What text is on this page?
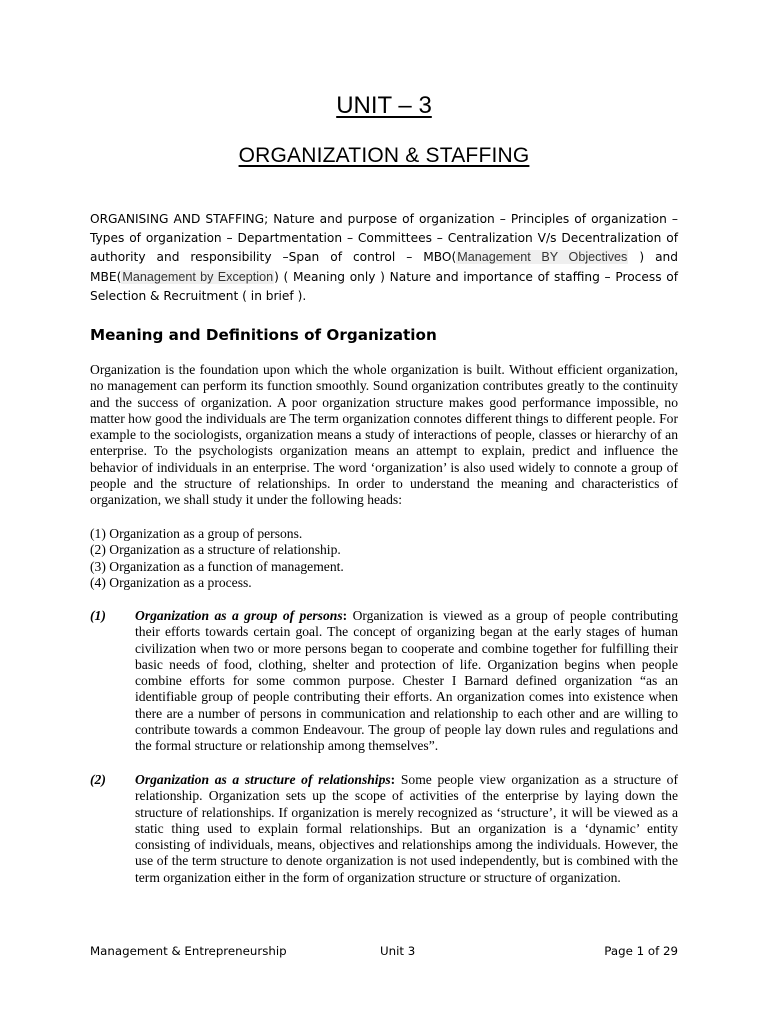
UNIT – 3
ORGANIZATION & STAFFING
ORGANISING AND STAFFING; Nature and purpose of organization – Principles of organization – Types of organization – Departmentation – Committees – Centralization V/s Decentralization of authority and responsibility –Span of control – MBO(Management BY Objectives ) and MBE(Management by Exception) ( Meaning only ) Nature and importance of staffing – Process of Selection & Recruitment ( in brief ).
Meaning and Definitions of Organization
Organization is the foundation upon which the whole organization is built. Without efficient organization, no management can perform its function smoothly. Sound organization contributes greatly to the continuity and the success of organization. A poor organization structure makes good performance impossible, no matter how good the individuals are The term organization connotes different things to different people. For example to the sociologists, organization means a study of interactions of people, classes or hierarchy of an enterprise. To the psychologists organization means an attempt to explain, predict and influence the behavior of individuals in an enterprise. The word ‘organization’ is also used widely to connote a group of people and the structure of relationships. In order to understand the meaning and characteristics of organization, we shall study it under the following heads:
(1) Organization as a group of persons.
(2) Organization as a structure of relationship.
(3) Organization as a function of management.
(4) Organization as a process.
(1) Organization as a group of persons: Organization is viewed as a group of people contributing their efforts towards certain goal. The concept of organizing began at the early stages of human civilization when two or more persons began to cooperate and combine together for fulfilling their basic needs of food, clothing, shelter and protection of life. Organization begins when people combine efforts for some common purpose. Chester I Barnard defined organization “as an identifiable group of people contributing their efforts. An organization comes into existence when there are a number of persons in communication and relationship to each other and are willing to contribute towards a common Endeavour. The group of people lay down rules and regulations and the formal structure or relationship among themselves”.
(2) Organization as a structure of relationships: Some people view organization as a structure of relationship. Organization sets up the scope of activities of the enterprise by laying down the structure of relationships. If organization is merely recognized as ‘structure’, it will be viewed as a static thing used to explain formal relationships. But an organization is a ‘dynamic’ entity consisting of individuals, means, objectives and relationships among the individuals. However, the use of the term structure to denote organization is not used independently, but is combined with the term organization either in the form of organization structure or structure of organization.
Management & Entrepreneurship	Unit 3	Page 1 of 29
